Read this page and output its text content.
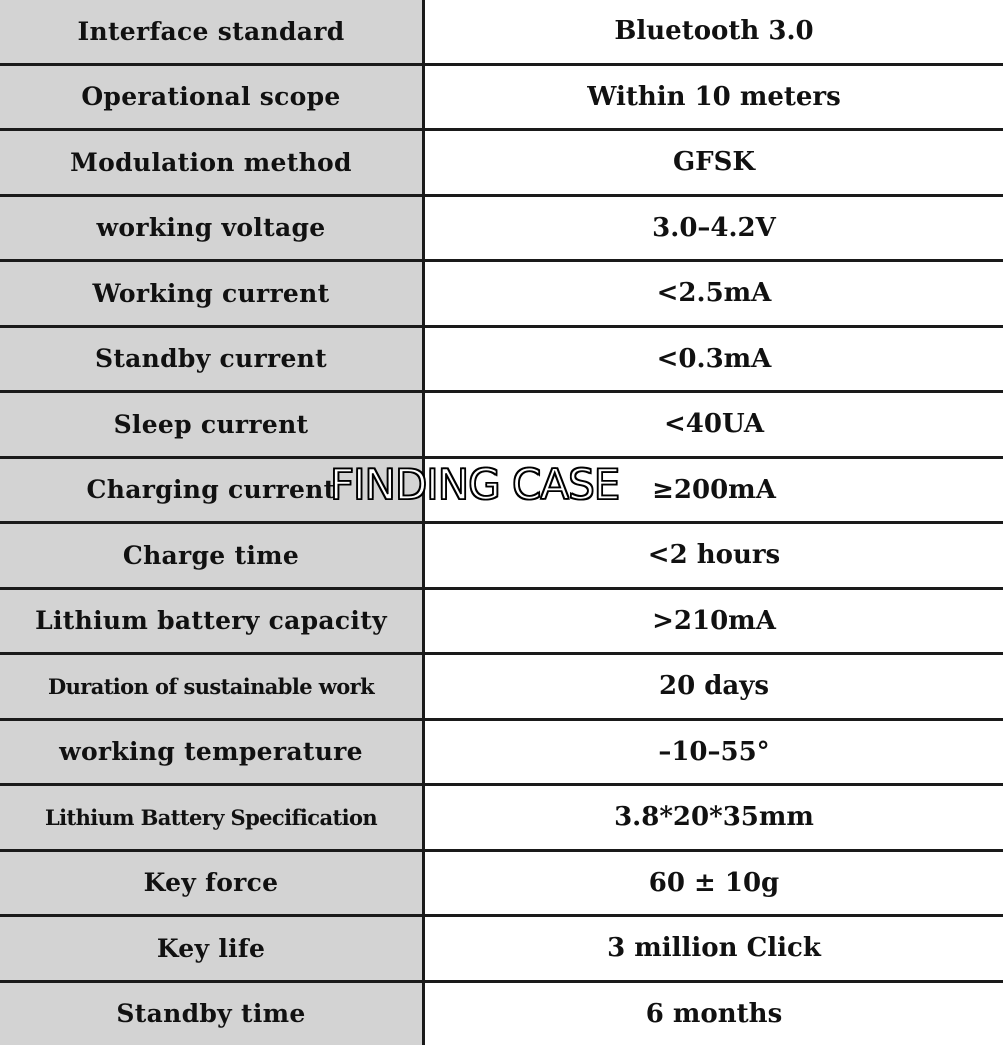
Interface standard	Bluetooth 3.0
Operational scope	Within 10 meters
Modulation method	GFSK
working voltage	3.0–4.2V
Working current	<2.5mA
Standby current	<0.3mA
Sleep current	<40UA
Charging current	≥200mA
Charge time	<2 hours
Lithium battery capacity	>210mA
Duration of sustainable work	20 days
working temperature	–10–55°
Lithium Battery Specification	3.8*20*35mm
Key force	60 ± 10g
Key life	3 million Click
Standby time	6 months
FINDING CASE
